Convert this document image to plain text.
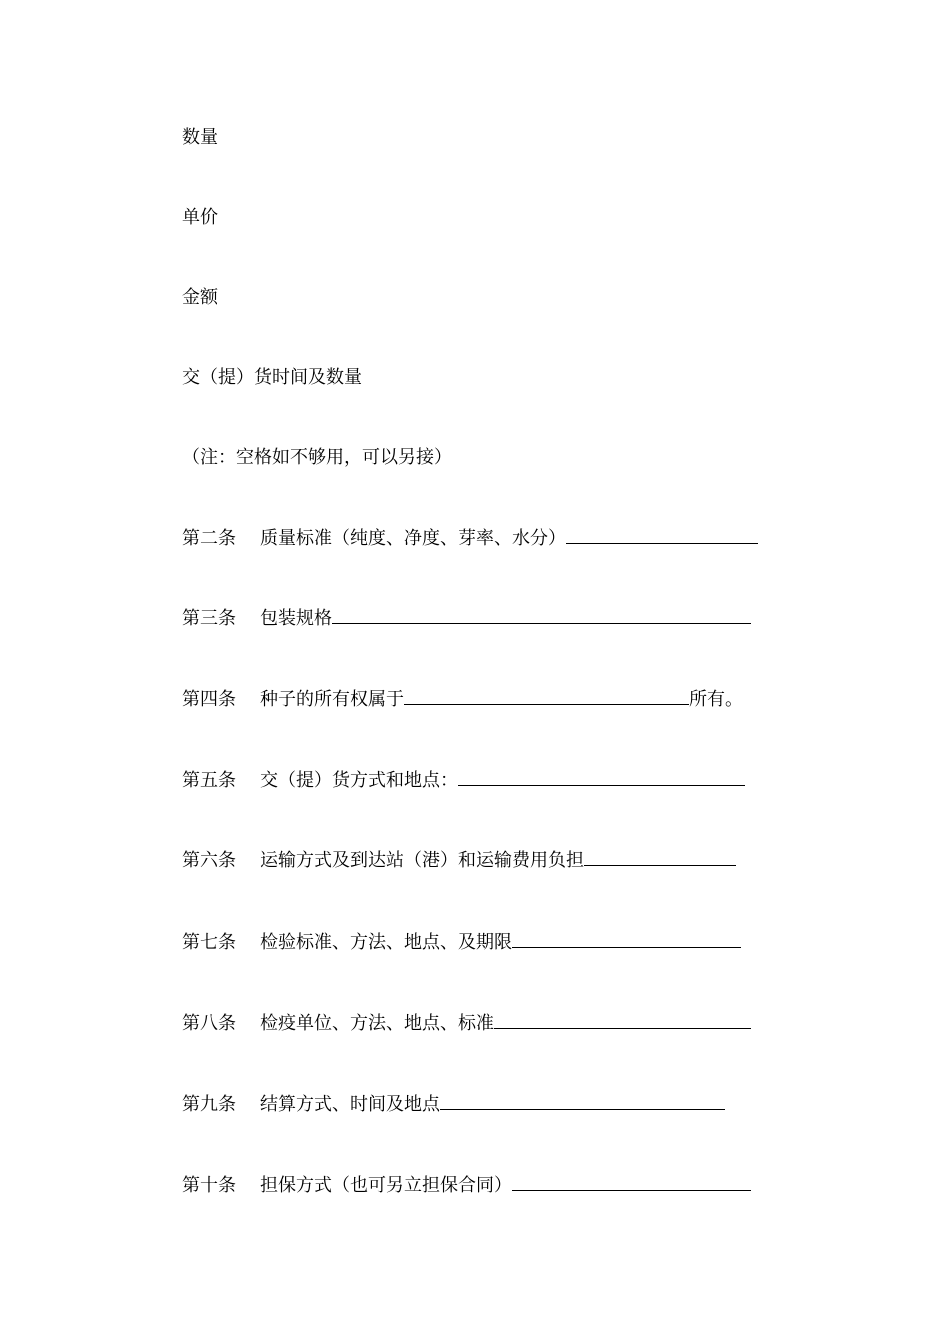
数量
单价
金额
交（提）货时间及数量
（注：空格如不够用，可以另接）
第二条 质量标准（纯度、净度、芽率、水分）
第三条 包装规格
第四条 种子的所有权属于	所有。
第五条 交（提）货方式和地点：
第六条 运输方式及到达站（港）和运输费用负担
第七条 检验标准、方法、地点、及期限
第八条 检疫单位、方法、地点、标准
第九条 结算方式、时间及地点
第十条 担保方式（也可另立担保合同）
